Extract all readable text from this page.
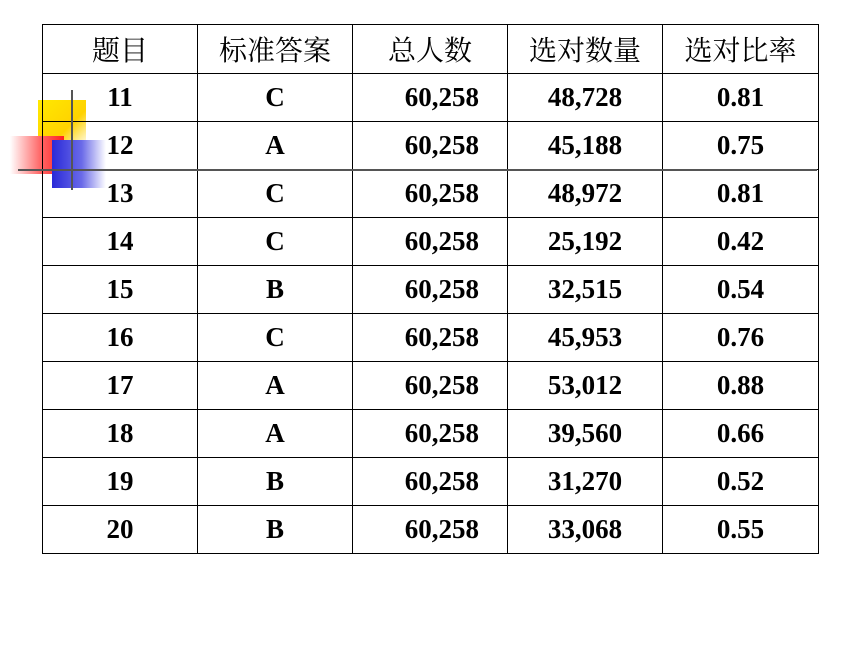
题目	标准答案	总人数	选对数量	选对比率
11	C	60,258	48,728	0.81
12	A	60,258	45,188	0.75
13	C	60,258	48,972	0.81
14	C	60,258	25,192	0.42
15	B	60,258	32,515	0.54
16	C	60,258	45,953	0.76
17	A	60,258	53,012	0.88
18	A	60,258	39,560	0.66
19	B	60,258	31,270	0.52
20	B	60,258	33,068	0.55
